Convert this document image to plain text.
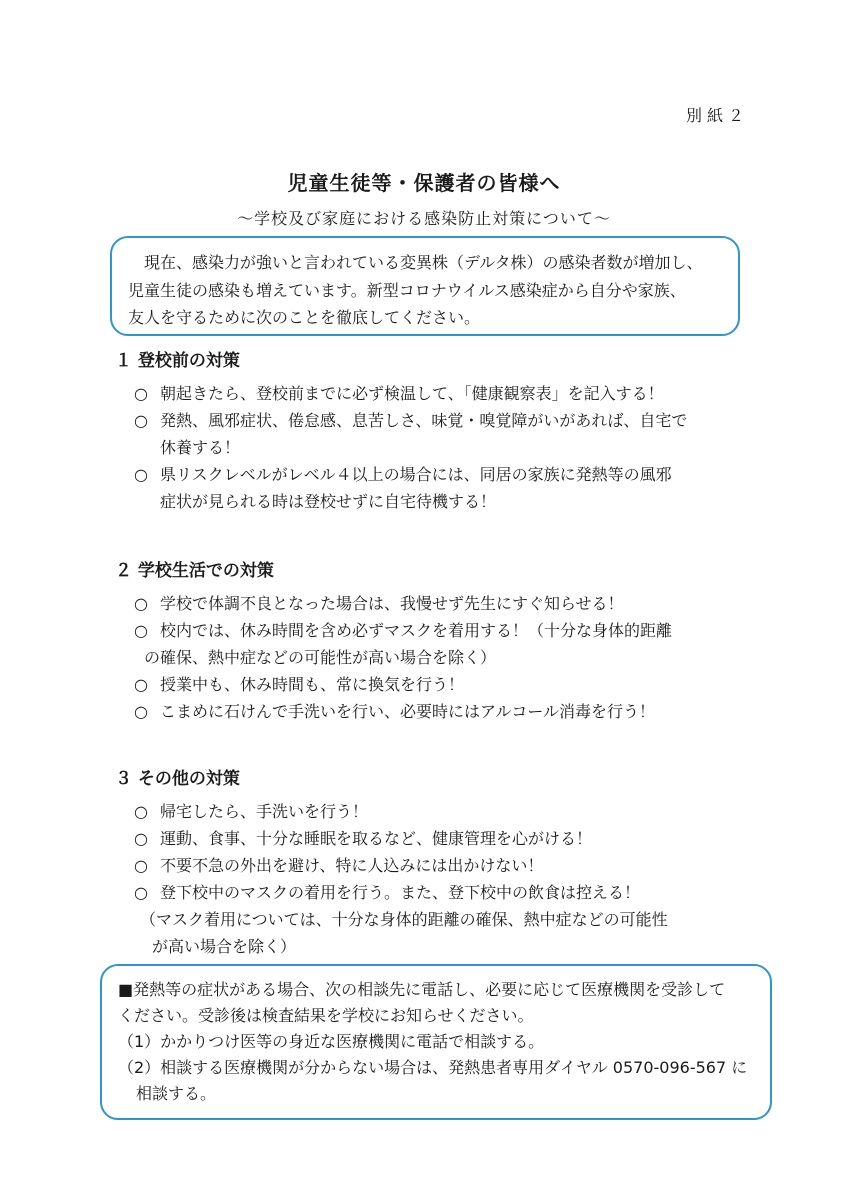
別紙２
児童生徒等・保護者の皆様へ
～学校及び家庭における感染防止対策について～
現在、感染力が強いと言われている変異株（デルタ株）の感染者数が増加し、
児童生徒の感染も増えています。新型コロナウイルス感染症から自分や家族、
友人を守るために次のことを徹底してください。
１ 登校前の対策
○ 朝起きたら、登校前までに必ず検温して、「健康観察表」を記入する！
○ 発熱、風邪症状、倦怠感、息苦しさ、味覚・嗅覚障がいがあれば、自宅で
休養する！
○ 県リスクレベルがレベル４以上の場合には、同居の家族に発熱等の風邪
症状が見られる時は登校せずに自宅待機する！
２ 学校生活での対策
○ 学校で体調不良となった場合は、我慢せず先生にすぐ知らせる！
○ 校内では、休み時間を含め必ずマスクを着用する！（十分な身体的距離
の確保、熱中症などの可能性が高い場合を除く）
○ 授業中も、休み時間も、常に換気を行う！
○ こまめに石けんで手洗いを行い、必要時にはアルコール消毒を行う！
３ その他の対策
○ 帰宅したら、手洗いを行う！
○ 運動、食事、十分な睡眠を取るなど、健康管理を心がける！
○ 不要不急の外出を避け、特に人込みには出かけない！
○ 登下校中のマスクの着用を行う。また、登下校中の飲食は控える！
（マスク着用については、十分な身体的距離の確保、熱中症などの可能性
が高い場合を除く）
■発熱等の症状がある場合、次の相談先に電話し、必要に応じて医療機関を受診して
ください。受診後は検査結果を学校にお知らせください。
（1）かかりつけ医等の身近な医療機関に電話で相談する。
（2）相談する医療機関が分からない場合は、発熱患者専用ダイヤル 0570-096-567 に
相談する。
